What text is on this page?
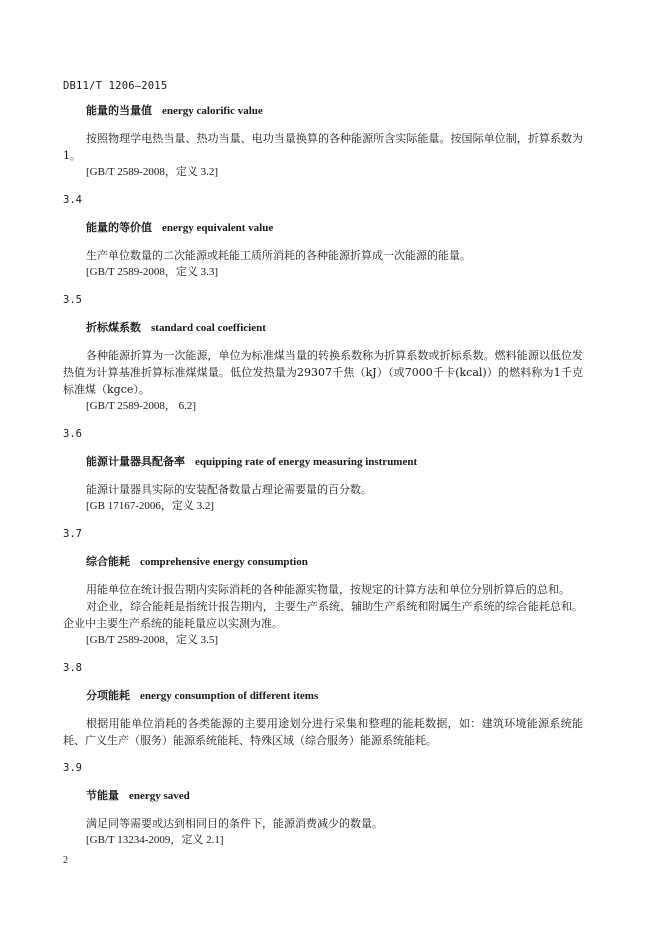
DB11/T 1206—2015
能量的当量值 energy calorific value

按照物理学电热当量、热功当量、电功当量换算的各种能源所含实际能量。按国际单位制，折算系数为1。

[GB/T 2589-2008，定义 3.2]
3.4
能量的等价值 energy equivalent value

生产单位数量的二次能源或耗能工质所消耗的各种能源折算成一次能源的能量。

[GB/T 2589-2008，定义 3.3]
3.5
折标煤系数 standard coal coefficient

各种能源折算为一次能源，单位为标准煤当量的转换系数称为折算系数或折标系数。燃料能源以低位发热值为计算基准折算标准煤煤量。低位发热量为29307千焦（kJ）（或7000千卡(kcal)）的燃料称为1千克标准煤（kgce）。

[GB/T 2589-2008， 6.2]
3.6
能源计量器具配备率 equipping rate of energy measuring instrument

能源计量器具实际的安装配备数量占理论需要量的百分数。

[GB 17167-2006，定义 3.2]
3.7
综合能耗 comprehensive energy consumption

用能单位在统计报告期内实际消耗的各种能源实物量，按规定的计算方法和单位分别折算后的总和。

对企业，综合能耗是指统计报告期内，主要生产系统、辅助生产系统和附属生产系统的综合能耗总和。企业中主要生产系统的能耗量应以实测为准。

[GB/T 2589-2008，定义 3.5]
3.8
分项能耗 energy consumption of different items

根据用能单位消耗的各类能源的主要用途划分进行采集和整理的能耗数据，如：建筑环境能源系统能耗、广义生产（服务）能源系统能耗、特殊区域（综合服务）能源系统能耗。

3.9
节能量 energy saved

满足同等需要或达到相同目的条件下，能源消费减少的数量。

[GB/T 13234-2009，定义 2.1]
2
